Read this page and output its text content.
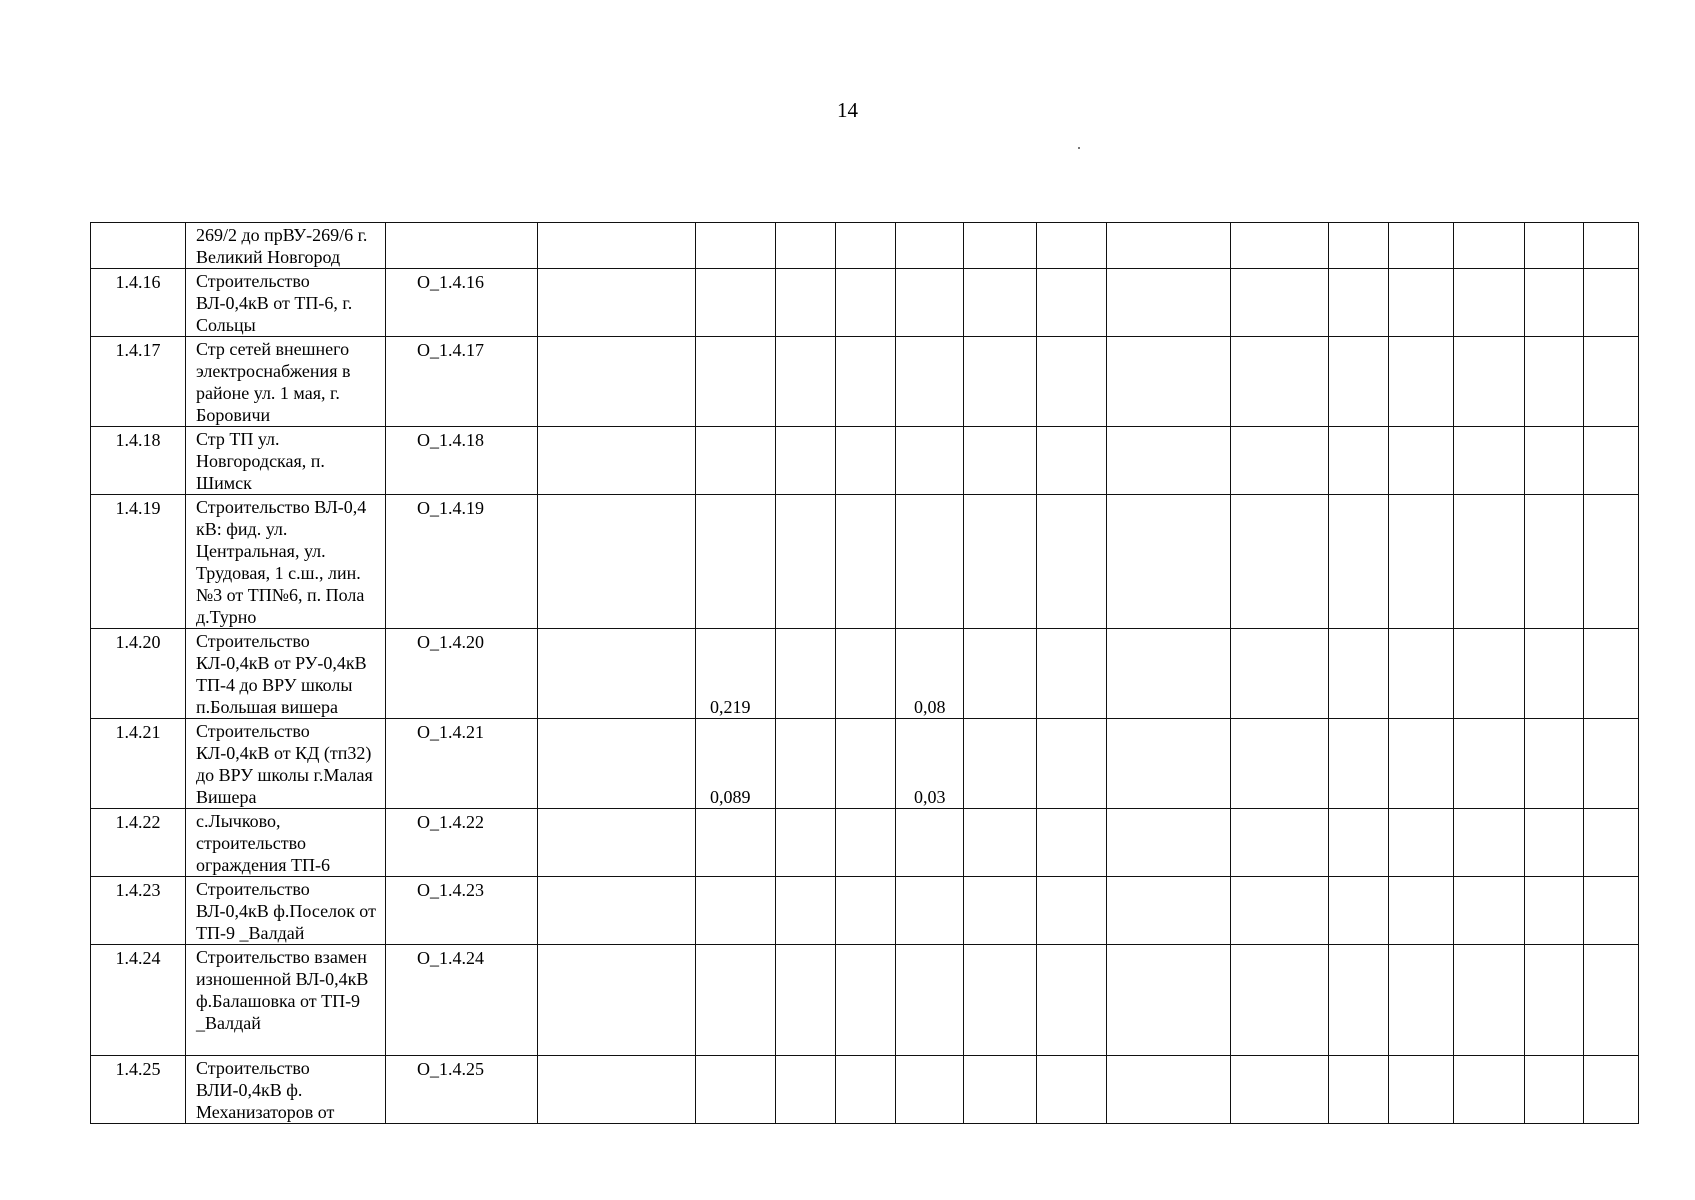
14
	269/2 до прВУ-269/6 г. Великий Новгород															
1.4.16	Строительство ВЛ-0,4кВ от ТП-6, г. Сольцы	О_1.4.16														
1.4.17	Стр сетей внешнего электроснабжения в районе ул. 1 мая, г. Боровичи	О_1.4.17														
1.4.18	Стр ТП ул. Новгородская, п. Шимск	О_1.4.18														
1.4.19	Строительство ВЛ-0,4 кВ: фид. ул. Центральная, ул. Трудовая, 1 с.ш., лин. №3 от ТП№6, п. Пола д.Турно	О_1.4.19														
1.4.20	Строительство КЛ-0,4кВ от РУ-0,4кВ ТП-4 до ВРУ школы п.Большая вишера	О_1.4.20		0,219			0,08									
1.4.21	Строительство КЛ-0,4кВ от КД (тп32) до ВРУ школы г.Малая Вишера	О_1.4.21		0,089			0,03									
1.4.22	с.Лычково, строительство ограждения ТП-6	О_1.4.22														
1.4.23	Строительство ВЛ-0,4кВ ф.Поселок от ТП-9 _Валдай	О_1.4.23														
1.4.24	Строительство взамен изношенной ВЛ-0,4кВ ф.Балашовка от ТП-9 _Валдай	О_1.4.24														
1.4.25	Строительство ВЛИ-0,4кВ ф. Механизаторов от	О_1.4.25														
